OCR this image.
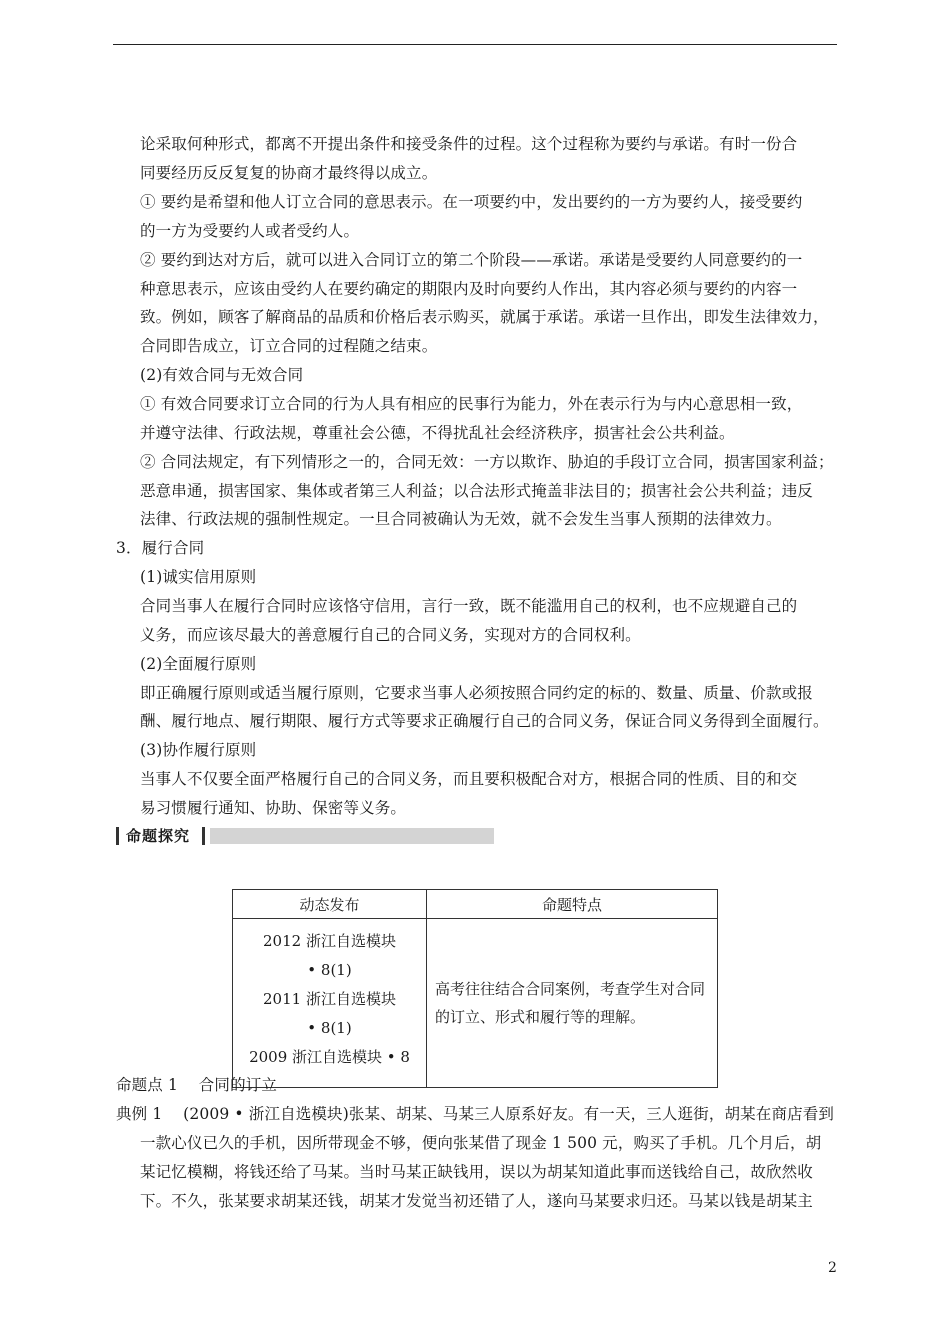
论采取何种形式，都离不开提出条件和接受条件的过程。这个过程称为要约与承诺。有时一份合
同要经历反反复复的协商才最终得以成立。
① 要约是希望和他人订立合同的意思表示。在一项要约中，发出要约的一方为要约人，接受要约
的一方为受要约人或者受约人。
② 要约到达对方后，就可以进入合同订立的第二个阶段——承诺。承诺是受要约人同意要约的一
种意思表示，应该由受约人在要约确定的期限内及时向要约人作出，其内容必须与要约的内容一
致。例如，顾客了解商品的品质和价格后表示购买，就属于承诺。承诺一旦作出，即发生法律效力，
合同即告成立，订立合同的过程随之结束。
(2)有效合同与无效合同
① 有效合同要求订立合同的行为人具有相应的民事行为能力，外在表示行为与内心意思相一致，
并遵守法律、行政法规，尊重社会公德，不得扰乱社会经济秩序，损害社会公共利益。
② 合同法规定，有下列情形之一的，合同无效：一方以欺诈、胁迫的手段订立合同，损害国家利益；
恶意串通，损害国家、集体或者第三人利益；以合法形式掩盖非法目的；损害社会公共利益；违反
法律、行政法规的强制性规定。一旦合同被确认为无效，就不会发生当事人预期的法律效力。
3．履行合同
(1)诚实信用原则
合同当事人在履行合同时应该恪守信用，言行一致，既不能滥用自己的权利，也不应规避自己的
义务，而应该尽最大的善意履行自己的合同义务，实现对方的合同权利。
(2)全面履行原则
即正确履行原则或适当履行原则，它要求当事人必须按照合同约定的标的、数量、质量、价款或报
酬、履行地点、履行期限、履行方式等要求正确履行自己的合同义务，保证合同义务得到全面履行。
(3)协作履行原则
当事人不仅要全面严格履行自己的合同义务，而且要积极配合对方，根据合同的性质、目的和交
易习惯履行通知、协助、保密等义务。
命题探究
动态发布	命题特点

2012 浙江自选模块
• 8(1)
2011 浙江自选模块
• 8(1)
2009 浙江自选模块 • 8	高考往往结合合同案例，考查学生对合同的订立、形式和履行等的理解。
命题点 1　 合同的订立
典例 1　 (2009 • 浙江自选模块)张某、胡某、马某三人原系好友。有一天，三人逛街，胡某在商店看到
一款心仪已久的手机，因所带现金不够，便向张某借了现金 1 500 元，购买了手机。几个月后，胡
某记忆模糊，将钱还给了马某。当时马某正缺钱用，误以为胡某知道此事而送钱给自己，故欣然收
下。不久，张某要求胡某还钱，胡某才发觉当初还错了人，遂向马某要求归还。马某以钱是胡某主
2
